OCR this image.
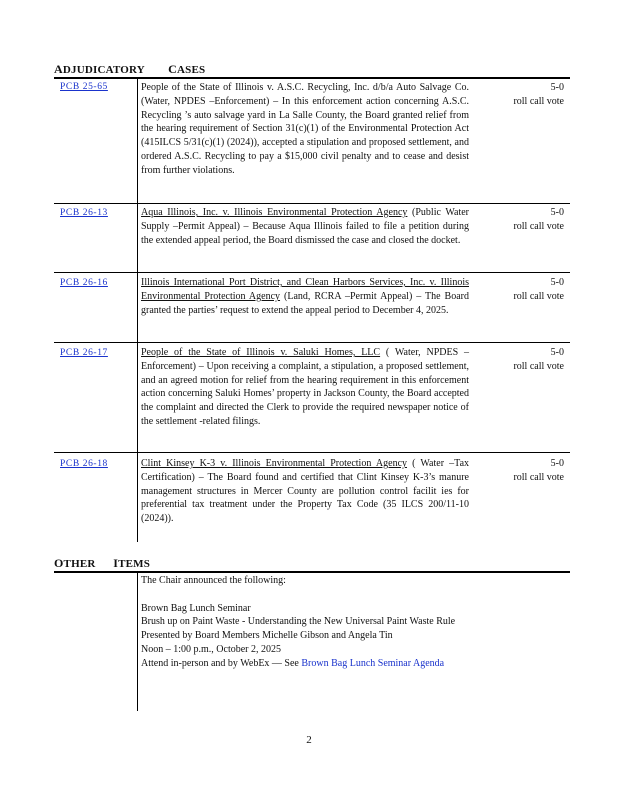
ADJUDICATORY CASES
PCB 25-65	People of the State of Illinois v. A.S.C. Recycling, Inc. d/b/a Auto Salvage Co. (Water, NPDES –Enforcement) – In this enforcement action concerning A.S.C. Recycling ’s auto salvage yard in La Salle County, the Board granted relief from the hearing requirement of Section 31(c)(1) of the Environmental Protection Act (415ILCS 5/31(c)(1) (2024)), accepted a stipulation and proposed settlement, and ordered A.S.C. Recycling to pay a $15,000 civil penalty and to cease and desist from further violations.
5-0
roll call vote
PCB 26-13	Aqua Illinois, Inc. v. Illinois Environmental Protection Agency (Public Water Supply –Permit Appeal) – Because Aqua Illinois failed to file a petition during the extended appeal period, the Board dismissed the case and closed the docket.
5-0
roll call vote
PCB 26-16	Illinois International Port District, and Clean Harbors Services, Inc. v. Illinois Environmental Protection Agency (Land, RCRA –Permit Appeal) – The Board granted the parties’ request to extend the appeal period to December 4, 2025.
5-0
roll call vote
PCB 26-17	People of the State of Illinois v. Saluki Homes, LLC ( Water, NPDES –Enforcement) – Upon receiving a complaint, a stipulation, a proposed settlement, and an agreed motion for relief from the hearing requirement in this enforcement action concerning Saluki Homes’ property in Jackson County, the Board accepted the complaint and directed the Clerk to provide the required newspaper notice of the settlement -related filings.
5-0
roll call vote
PCB 26-18	Clint Kinsey K-3 v. Illinois Environmental Protection Agency ( Water –Tax Certification) – The Board found and certified that Clint Kinsey K-3’s manure management structures in Mercer County are pollution control facilit ies for preferential tax treatment under the Property Tax Code (35 ILCS 200/11-10 (2024)).
5-0
roll call vote
OTHER ITEMS

The Chair announced the following:

Brown Bag Lunch Seminar

Brush up on Paint Waste - Understanding the New Universal Paint Waste Rule

Presented by Board Members Michelle Gibson and Angela Tin

Noon – 1:00 p.m., October 2, 2025

Attend in-person and by WebEx — See Brown Bag Lunch Seminar Agenda

2
